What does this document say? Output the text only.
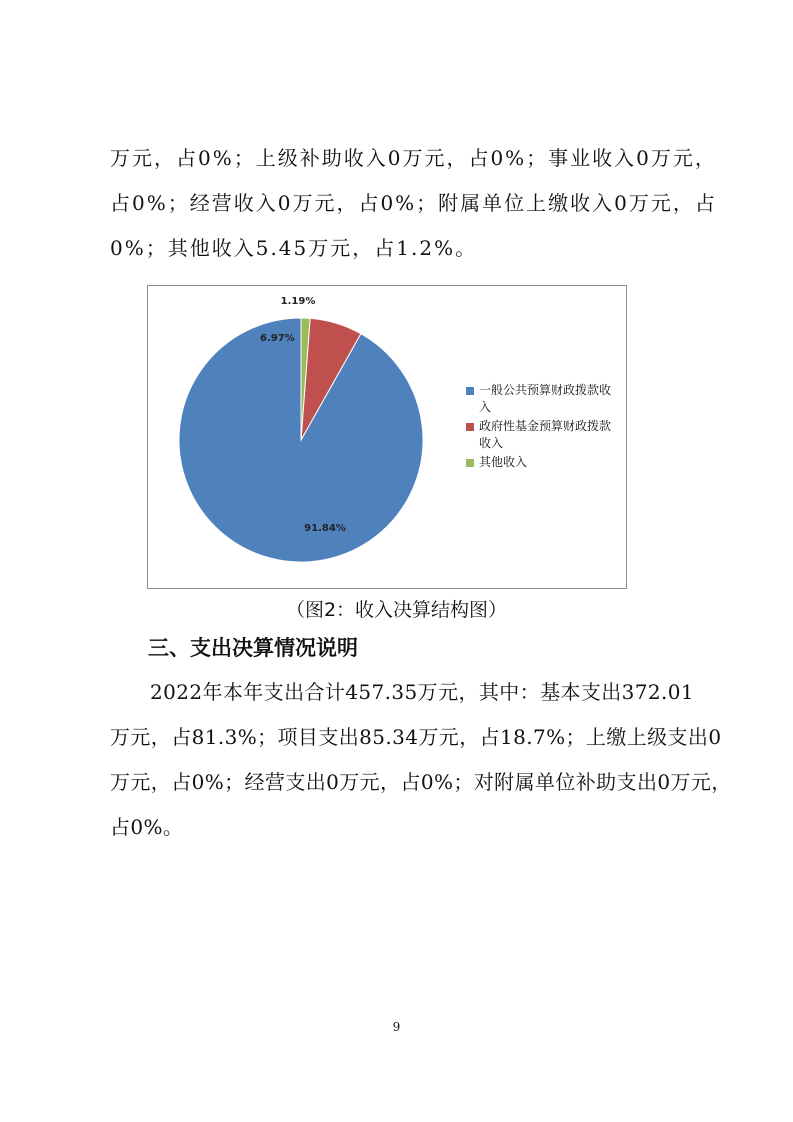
万元，占0%；上级补助收入0万元，占0%；事业收入0万元，
占0%；经营收入0万元，占0%；附属单位上缴收入0万元，占
0%；其他收入5.45万元，占1.2%。

91.84%
6.97%
1.19%
一般公共预算财政拨款收入
政府性基金预算财政拨款收入
其他收入

（图2：收入决算结构图）

三、支出决算情况说明

2022年本年支出合计457.35万元，其中：基本支出372.01
万元，占81.3%；项目支出85.34万元，占18.7%；上缴上级支出0
万元，占0%；经营支出0万元，占0%；对附属单位补助支出0万元，
占0%。

9
